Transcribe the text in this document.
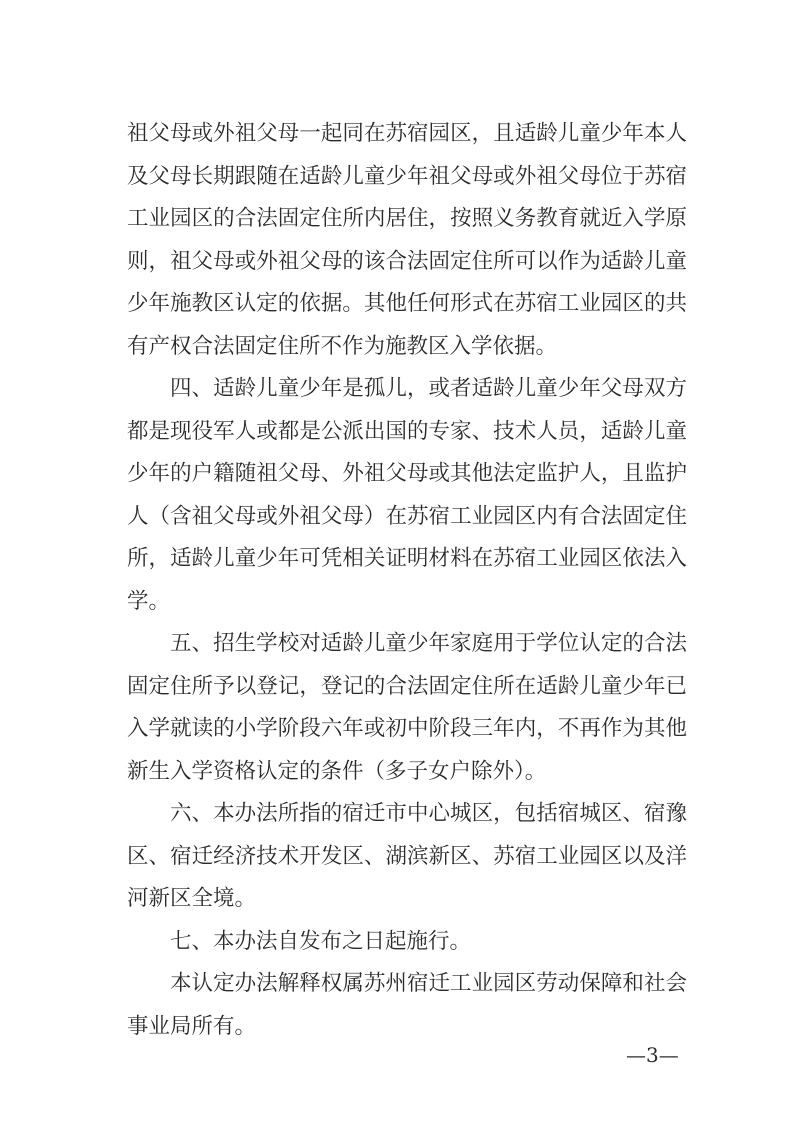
祖父母或外祖父母一起同在苏宿园区，且适龄儿童少年本人及父母长期跟随在适龄儿童少年祖父母或外祖父母位于苏宿工业园区的合法固定住所内居住，按照义务教育就近入学原则，祖父母或外祖父母的该合法固定住所可以作为适龄儿童少年施教区认定的依据。其他任何形式在苏宿工业园区的共有产权合法固定住所不作为施教区入学依据。

四、适龄儿童少年是孤儿，或者适龄儿童少年父母双方都是现役军人或都是公派出国的专家、技术人员，适龄儿童少年的户籍随祖父母、外祖父母或其他法定监护人，且监护人（含祖父母或外祖父母）在苏宿工业园区内有合法固定住所，适龄儿童少年可凭相关证明材料在苏宿工业园区依法入学。

五、招生学校对适龄儿童少年家庭用于学位认定的合法固定住所予以登记，登记的合法固定住所在适龄儿童少年已入学就读的小学阶段六年或初中阶段三年内，不再作为其他新生入学资格认定的条件（多子女户除外）。

六、本办法所指的宿迁市中心城区，包括宿城区、宿豫区、宿迁经济技术开发区、湖滨新区、苏宿工业园区以及洋河新区全境。

七、本办法自发布之日起施行。

本认定办法解释权属苏州宿迁工业园区劳动保障和社会事业局所有。

—3—
